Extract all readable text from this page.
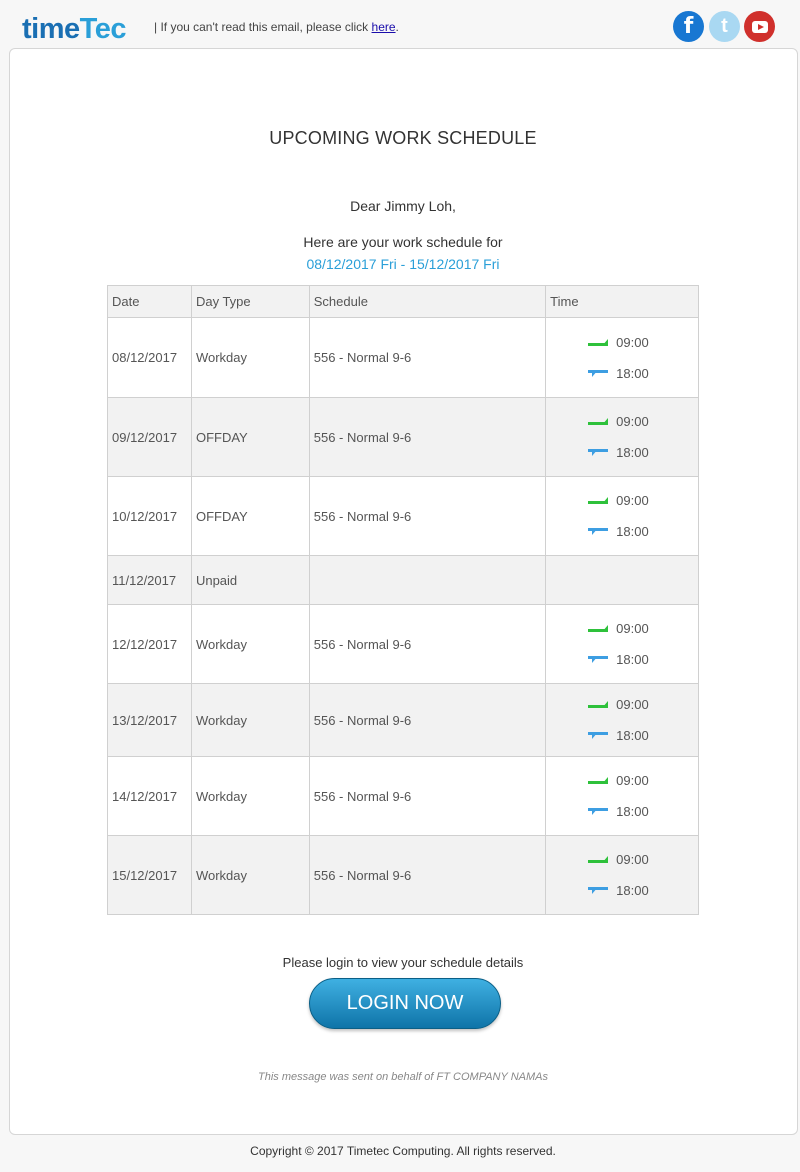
timeTec | If you can't read this email, please click here.	f t
UPCOMING WORK SCHEDULE
Dear Jimmy Loh,
Here are your work schedule for
08/12/2017 Fri - 15/12/2017 Fri
Date	Day Type	Schedule	Time
08/12/2017	Workday	556 - Normal 9-6	09:00
18:00

09/12/2017	OFFDAY	556 - Normal 9-6	09:00
18:00

10/12/2017	OFFDAY	556 - Normal 9-6	09:00
18:00

11/12/2017	Unpaid		
12/12/2017	Workday	556 - Normal 9-6	09:00
18:00

13/12/2017	Workday	556 - Normal 9-6	09:00
18:00

14/12/2017	Workday	556 - Normal 9-6	09:00
18:00

15/12/2017	Workday	556 - Normal 9-6	09:00
18:00
Please login to view your schedule details
LOGIN NOW
This message was sent on behalf of FT COMPANY NAMAs
Copyright © 2017 Timetec Computing. All rights reserved.
